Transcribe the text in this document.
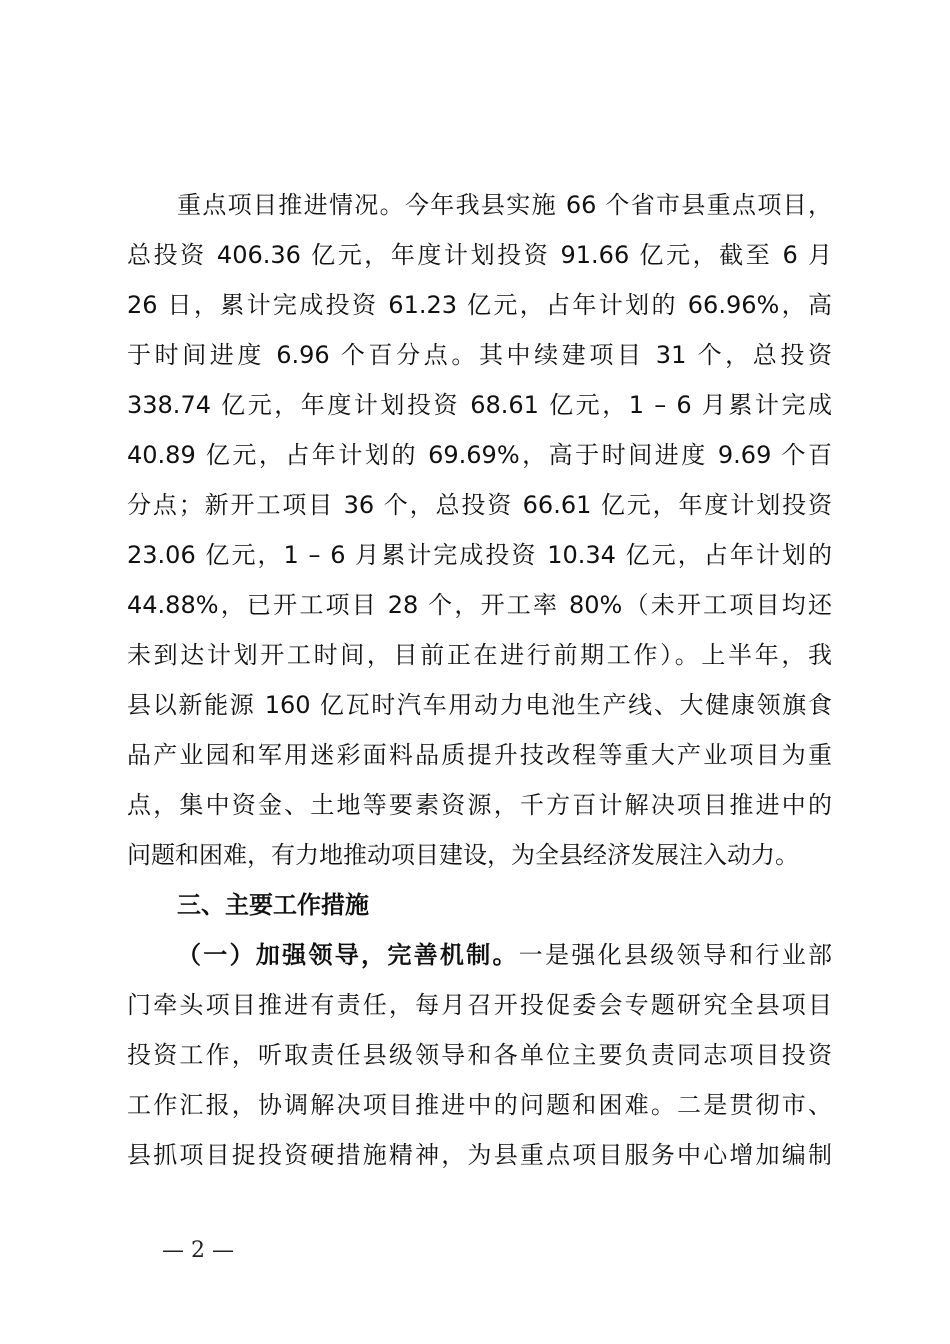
重点项目推进情况。今年我县实施 66 个省市县重点项目，
总投资 406.36 亿元，年度计划投资 91.66 亿元，截至 6 月
26 日，累计完成投资 61.23 亿元，占年计划的 66.96%，高
于时间进度 6.96 个百分点。其中续建项目 31 个，总投资
338.74 亿元，年度计划投资 68.61 亿元，1 – 6 月累计完成
40.89 亿元，占年计划的 69.69%，高于时间进度 9.69 个百
分点；新开工项目 36 个，总投资 66.61 亿元，年度计划投资
23.06 亿元，1 – 6 月累计完成投资 10.34 亿元，占年计划的
44.88%，已开工项目 28 个，开工率 80%（未开工项目均还
未到达计划开工时间，目前正在进行前期工作）。上半年，我
县以新能源 160 亿瓦时汽车用动力电池生产线、大健康领旗食
品产业园和军用迷彩面料品质提升技改程等重大产业项目为重
点，集中资金、土地等要素资源，千方百计解决项目推进中的
问题和困难，有力地推动项目建设，为全县经济发展注入动力。
三、主要工作措施
（一）加强领导，完善机制。一是强化县级领导和行业部
门牵头项目推进有责任，每月召开投促委会专题研究全县项目
投资工作，听取责任县级领导和各单位主要负责同志项目投资
工作汇报，协调解决项目推进中的问题和困难。二是贯彻市、
县抓项目捉投资硬措施精神，为县重点项目服务中心增加编制
— 2 —
